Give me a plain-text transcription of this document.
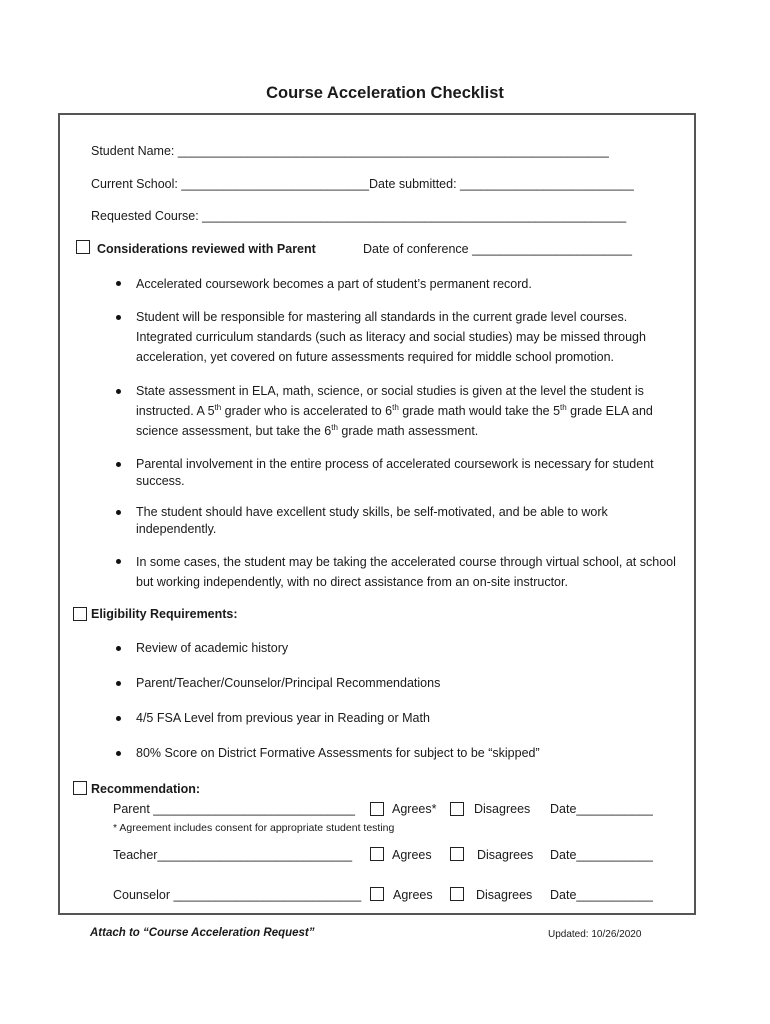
Course Acceleration Checklist
Student Name: ______________________________________________________________
Current School: ___________________________Date submitted: _________________________
Requested Course: _____________________________________________________________
Considerations reviewed with Parent	Date of conference _______________________
Accelerated coursework becomes a part of student’s permanent record.
Student will be responsible for mastering all standards in the current grade level courses. Integrated curriculum standards (such as literacy and social studies) may be missed through acceleration, yet covered on future assessments required for middle school promotion.
State assessment in ELA, math, science, or social studies is given at the level the student is
instructed. A 5th grader who is accelerated to 6th grade math would take the 5th grade ELA and
science assessment, but take the 6th grade math assessment.
Parental involvement in the entire process of accelerated coursework is necessary for student success.
The student should have excellent study skills, be self-motivated, and be able to work independently.
In some cases, the student may be taking the accelerated course through virtual school, at school but working independently, with no direct assistance from an on-site instructor.
Eligibility Requirements:
Review of academic history
Parent/Teacher/Counselor/Principal Recommendations
4/5 FSA Level from previous year in Reading or Math
80% Score on District Formative Assessments for subject to be “skipped”
Recommendation:
Parent _____________________________	Agrees*	Disagrees Date___________
* Agreement includes consent for appropriate student testing
Teacher____________________________	Agrees	Disagrees Date___________
Counselor ___________________________	Agrees	Disagrees Date___________
Attach to “Course Acceleration Request”	Updated: 10/26/2020
